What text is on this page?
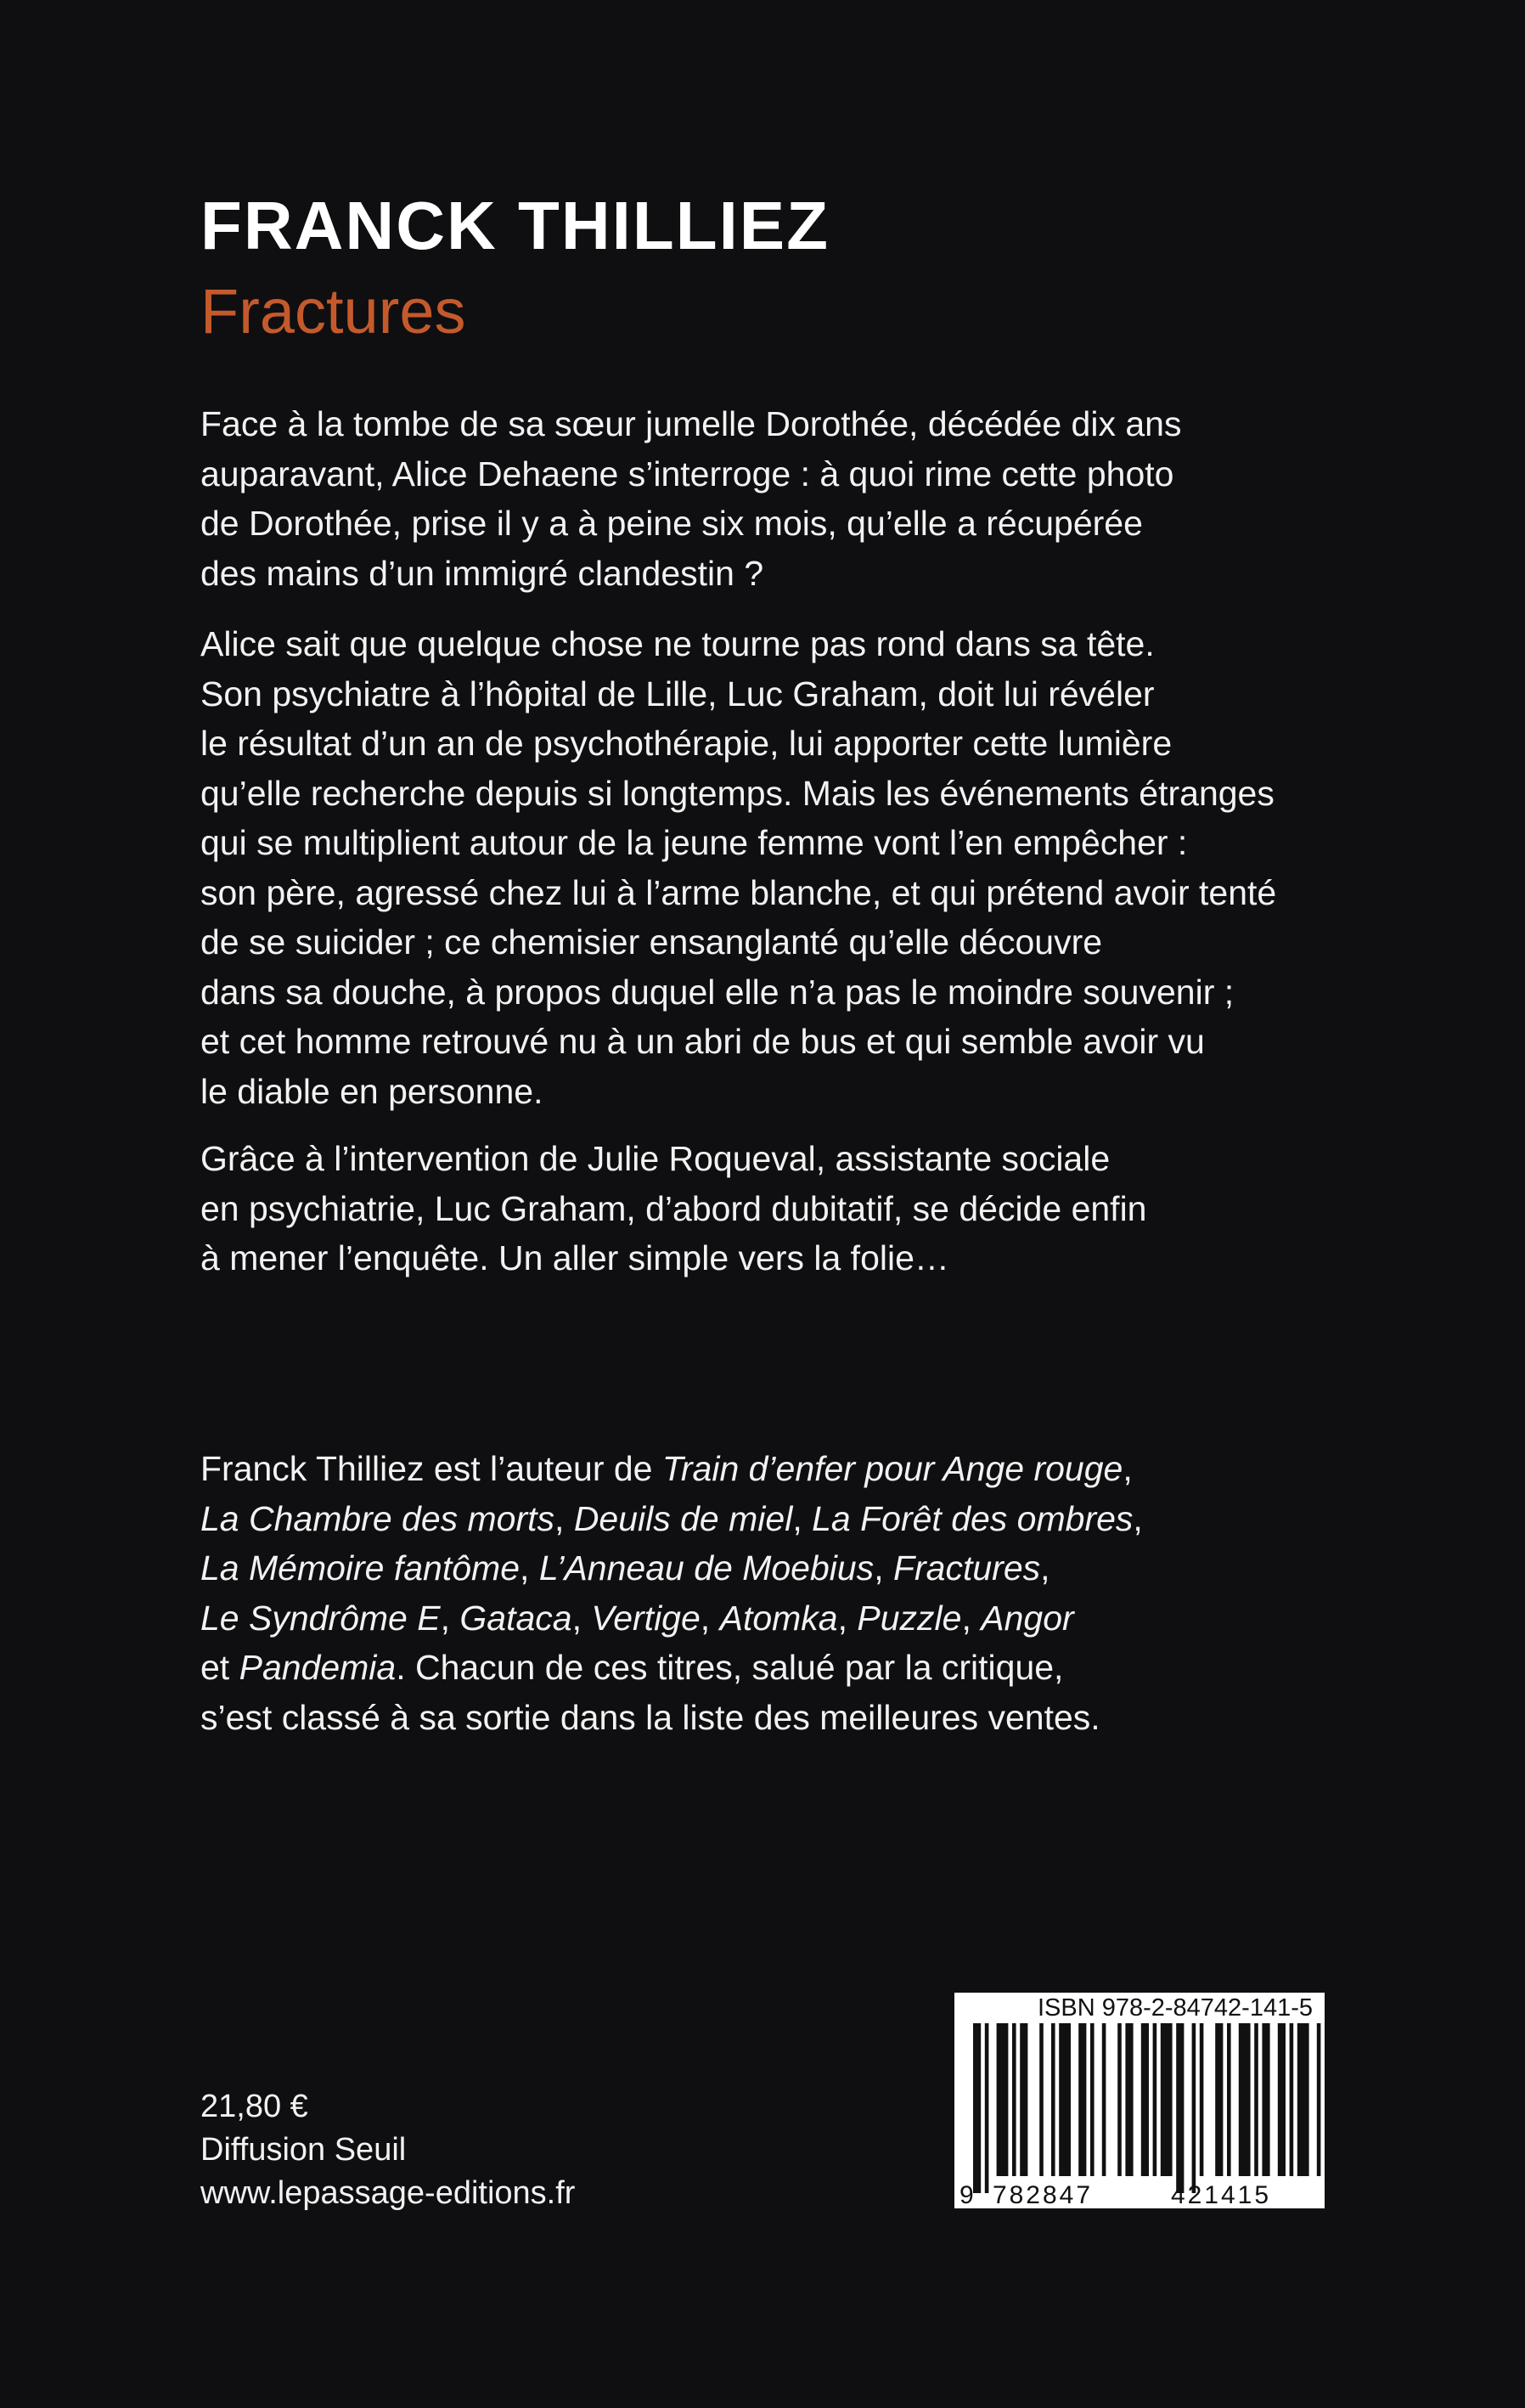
FRANCK THILLIEZ
Fractures
Face à la tombe de sa sœur jumelle Dorothée, décédée dix ans
auparavant, Alice Dehaene s’interroge : à quoi rime cette photo
de Dorothée, prise il y a à peine six mois, qu’elle a récupérée
des mains d’un immigré clandestin ?
Alice sait que quelque chose ne tourne pas rond dans sa tête.
Son psychiatre à l’hôpital de Lille, Luc Graham, doit lui révéler
le résultat d’un an de psychothérapie, lui apporter cette lumière
qu’elle recherche depuis si longtemps. Mais les événements étranges
qui se multiplient autour de la jeune femme vont l’en empêcher :
son père, agressé chez lui à l’arme blanche, et qui prétend avoir tenté
de se suicider ; ce chemisier ensanglanté qu’elle découvre
dans sa douche, à propos duquel elle n’a pas le moindre souvenir ;
et cet homme retrouvé nu à un abri de bus et qui semble avoir vu
le diable en personne.
Grâce à l’intervention de Julie Roqueval, assistante sociale
en psychiatrie, Luc Graham, d’abord dubitatif, se décide enfin
à mener l’enquête. Un aller simple vers la folie…
Franck Thilliez est l’auteur de Train d’enfer pour Ange rouge,
La Chambre des morts, Deuils de miel, La Forêt des ombres,
La Mémoire fantôme, L’Anneau de Moebius, Fractures,
Le Syndrôme E, Gataca, Vertige, Atomka, Puzzle, Angor
et Pandemia. Chacun de ces titres, salué par la critique,
s’est classé à sa sortie dans la liste des meilleures ventes.
21,80 €
Diffusion Seuil
www.lepassage-editions.fr
ISBN 978-2-84742-141-5
9 782847	421415
